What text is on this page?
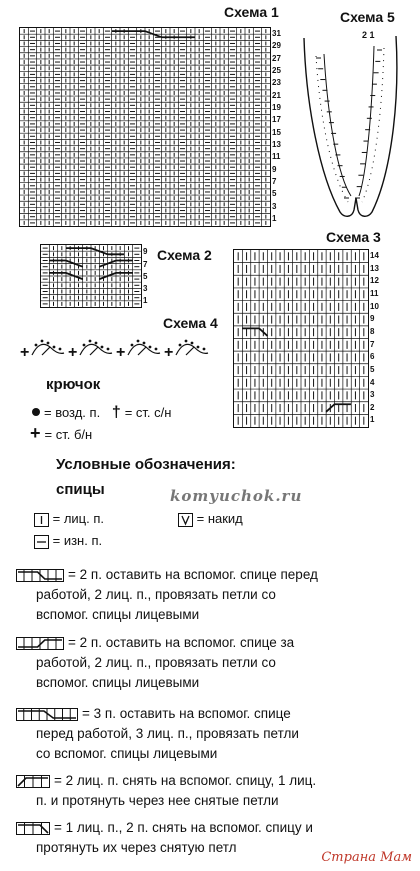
Схема 1
31
29
27
25
23
21
19
17
15
13
11
9
7
5
3
1
Схема 5
2 1
9
7
5
3
1
Схема 2
Схема 3
14
13
12
11
10
9
8
7
6
5
4
3
2
1
Схема 4
+ + + +
крючок
= возд. п. † = ст. с/н
+ = ст. б/н
Условные обозначения:
спицы	komyuchok.ru
= лиц. п.	= накид
= изн. п.
= 2 п. оставить на вспомог. спице перед
работой, 2 лиц. п., провязать петли со
вспомог. спицы лицевыми
= 2 п. оставить на вспомог. спице за
работой, 2 лиц. п., провязать петли со
вспомог. спицы лицевыми
= 3 п. оставить на вспомог. спице
перед работой, 3 лиц. п., провязать петли
со вспомог. спицы лицевыми
= 2 лиц. п. снять на вспомог. спицу, 1 лиц.
п. и протянуть через нее снятые петли
= 1 лиц. п., 2 п. снять на вспомог. спицу и
протянуть их через снятую петл
Страна Мам
